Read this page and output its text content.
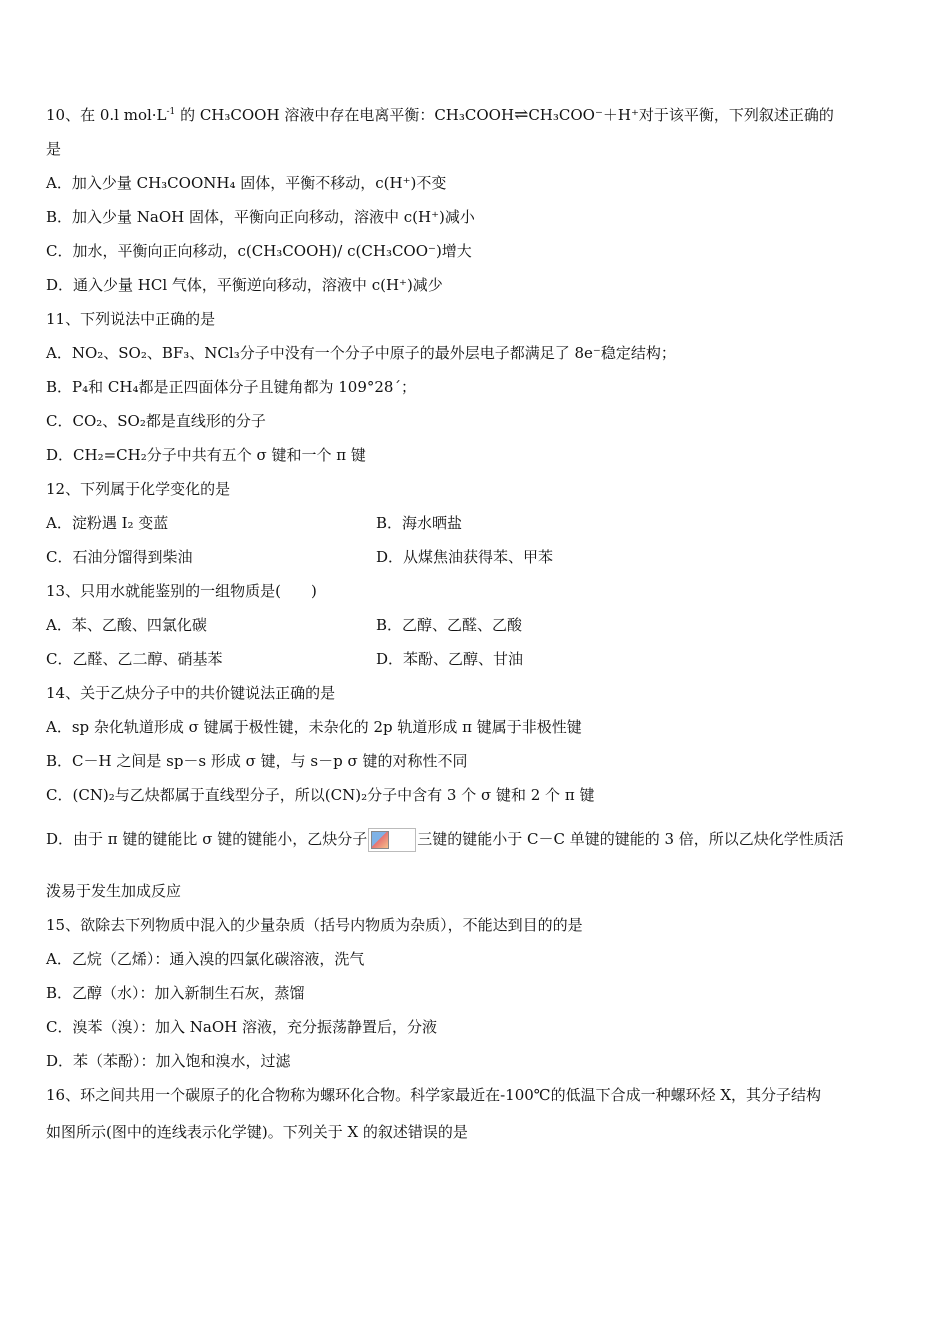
10、在 0.l $mol\cdot L^{-1}$ 的 CH₃COOH 溶液中存在电离平衡：CH₃COOH⇌CH₃COO⁻＋H⁺对于该平衡，下列叙述正确的
是
A．加入少量 CH₃COONH₄ 固体，平衡不移动，c(H⁺)不变
B．加入少量 NaOH 固体，平衡向正向移动，溶液中 c(H⁺)减小
C．加水，平衡向正向移动，c(CH₃COOH)/ c(CH₃COO⁻)增大
D．通入少量 HCl 气体，平衡逆向移动，溶液中 c(H⁺)减少
11、下列说法中正确的是
A．NO₂、SO₂、BF₃、NCl₃分子中没有一个分子中原子的最外层电子都满足了 8e⁻稳定结构；
B．P₄和 CH₄都是正四面体分子且键角都为 109°28´；
C．CO₂、SO₂都是直线形的分子
D．CH₂=CH₂分子中共有五个 σ 键和一个 π 键
12、下列属于化学变化的是
A．淀粉遇 I₂ 变蓝	B．海水晒盐
C．石油分馏得到柴油	D．从煤焦油获得苯、甲苯
13、只用水就能鉴别的一组物质是(　　)
A．苯、乙酸、四氯化碳	B．乙醇、乙醛、乙酸
C．乙醛、乙二醇、硝基苯	D．苯酚、乙醇、甘油
14、关于乙炔分子中的共价键说法正确的是
A．sp 杂化轨道形成 σ 键属于极性键，未杂化的 2p 轨道形成 π 键属于非极性键
B．C－H 之间是 sp－s 形成 σ 键，与 s－p σ 键的对称性不同
C．(CN)₂与乙炔都属于直线型分子，所以(CN)₂分子中含有 3 个 σ 键和 2 个 π 键
D．由于 π 键的键能比 σ 键的键能小，乙炔分子	三键的键能小于 C－C 单键的键能的 3 倍，所以乙炔化学性质活
泼易于发生加成反应
15、欲除去下列物质中混入的少量杂质（括号内物质为杂质），不能达到目的的是
A．乙烷（乙烯）：通入溴的四氯化碳溶液，洗气
B．乙醇（水）：加入新制生石灰，蒸馏
C．溴苯（溴）：加入 NaOH 溶液，充分振荡静置后，分液
D．苯（苯酚）：加入饱和溴水，过滤
16、环之间共用一个碳原子的化合物称为螺环化合物。科学家最近在-100℃的低温下合成一种螺环烃 X，其分子结构
如图所示(图中的连线表示化学键)。下列关于 X 的叙述错误的是
